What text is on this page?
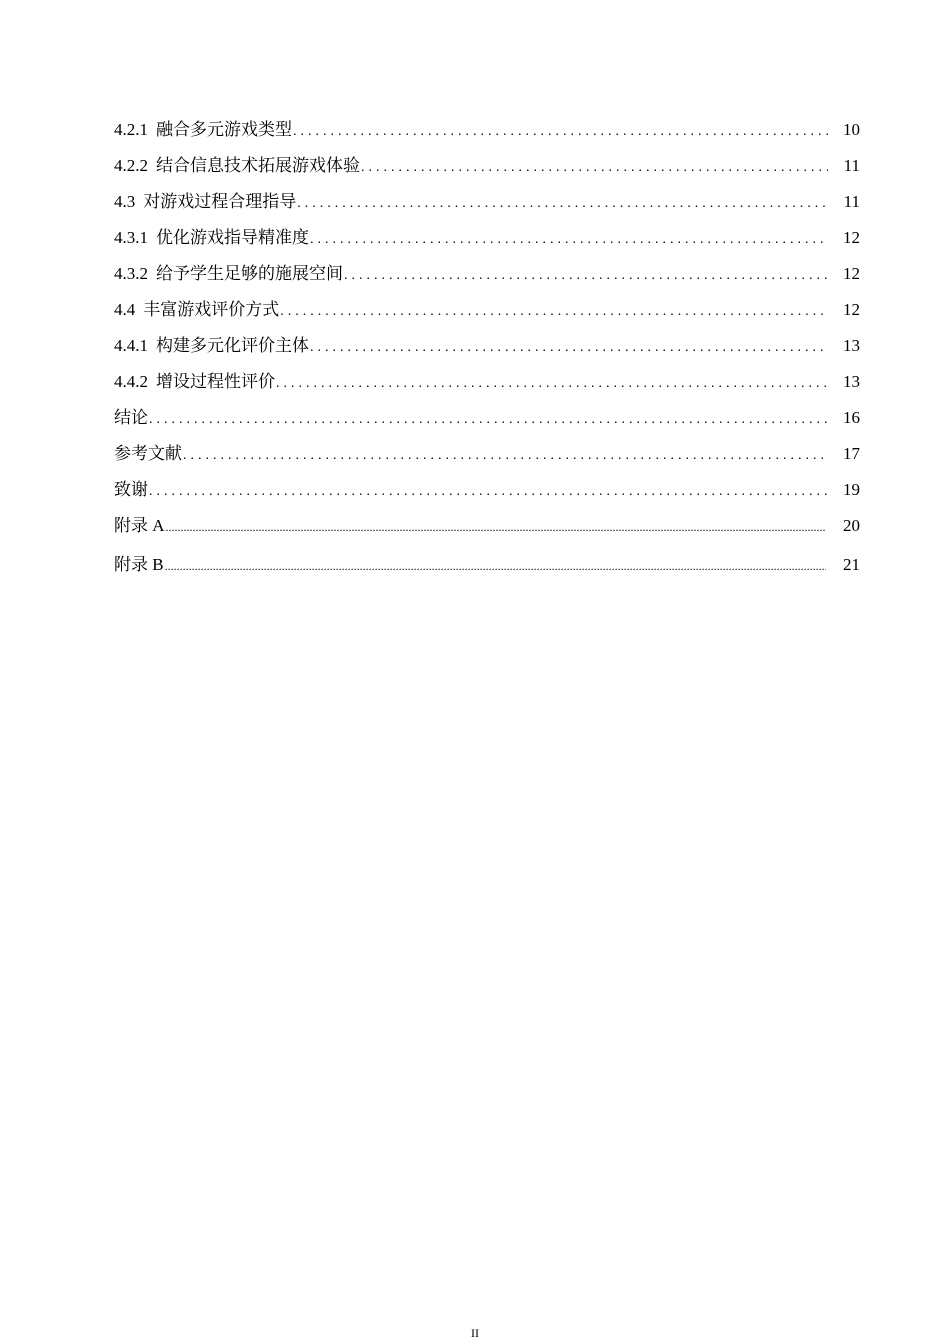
4.2.1 融合多元游戏类型 .....	10
4.2.2 结合信息技术拓展游戏体验 .....	11
4.3 对游戏过程合理指导 .....	11
4.3.1 优化游戏指导精准度 .....	12
4.3.2 给予学生足够的施展空间 .....	12
4.4 丰富游戏评价方式 .....	12
4.4.1 构建多元化评价主体 .....	13
4.4.2 增设过程性评价 .....	13
结论 .....	16
参考文献 .....	17
致谢 .....	19
附录 A .....	20
附录 B .....	21
II
